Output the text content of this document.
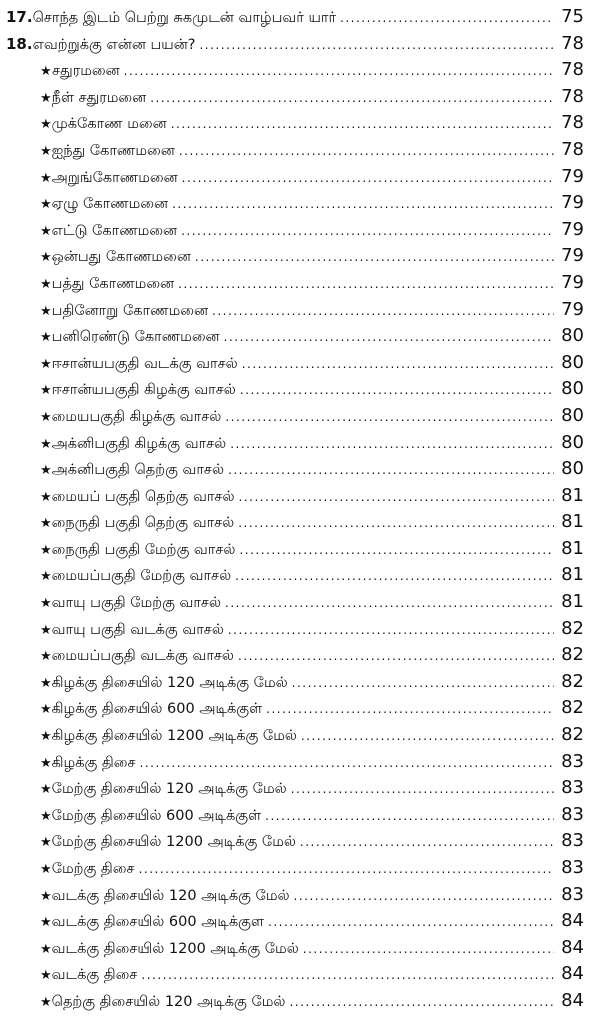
17. சொந்த இடம் பெற்று சுகமுடன் வாழ்பவர் யார் .....	75
18. எவற்றுக்கு என்ன பயன்? .....	78
★ சதுரமனை .....	78
★ நீள் சதுரமனை .....	78
★ முக்கோண மனை .....	78
★ ஐந்து கோணமனை .....	78
★ அறுங்கோணமனை .....	79
★ ஏழு கோணமனை .....	79
★ எட்டு கோணமனை .....	79
★ ஒன்பது கோணமனை .....	79
★ பத்து கோணமனை .....	79
★ பதினோறு கோணமனை .....	79
★ பனிரெண்டு கோணமனை .....	80
★ ஈசான்யபகுதி வடக்கு வாசல் .....	80
★ ஈசான்யபகுதி கிழக்கு வாசல் .....	80
★ மையபகுதி கிழக்கு வாசல் .....	80
★ அக்னிபகுதி கிழக்கு வாசல் .....	80
★ அக்னிபகுதி தெற்கு வாசல் .....	80
★ மையப் பகுதி தெற்கு வாசல் .....	81
★ நைருதி பகுதி தெற்கு வாசல் .....	81
★ நைருதி பகுதி மேற்கு வாசல் .....	81
★ மையப்பகுதி மேற்கு வாசல் .....	81
★ வாயு பகுதி மேற்கு வாசல் .....	81
★ வாயு பகுதி வடக்கு வாசல் .....	82
★ மையப்பகுதி வடக்கு வாசல் .....	82
★ கிழக்கு திசையில் 120 அடிக்கு மேல் .....	82
★ கிழக்கு திசையில் 600 அடிக்குள் .....	82
★ கிழக்கு திசையில் 1200 அடிக்கு மேல் .....	82
★ கிழக்கு திசை .....	83
★ மேற்கு திசையில் 120 அடிக்கு மேல் .....	83
★ மேற்கு திசையில் 600 அடிக்குள் .....	83
★ மேற்கு திசையில் 1200 அடிக்கு மேல் .....	83
★ மேற்கு திசை .....	83
★ வடக்கு திசையில் 120 அடிக்கு மேல் .....	83
★ வடக்கு திசையில் 600 அடிக்குள .....	84
★ வடக்கு திசையில் 1200 அடிக்கு மேல் .....	84
★ வடக்கு திசை .....	84
★ தெற்கு திசையில் 120 அடிக்கு மேல் .....	84
